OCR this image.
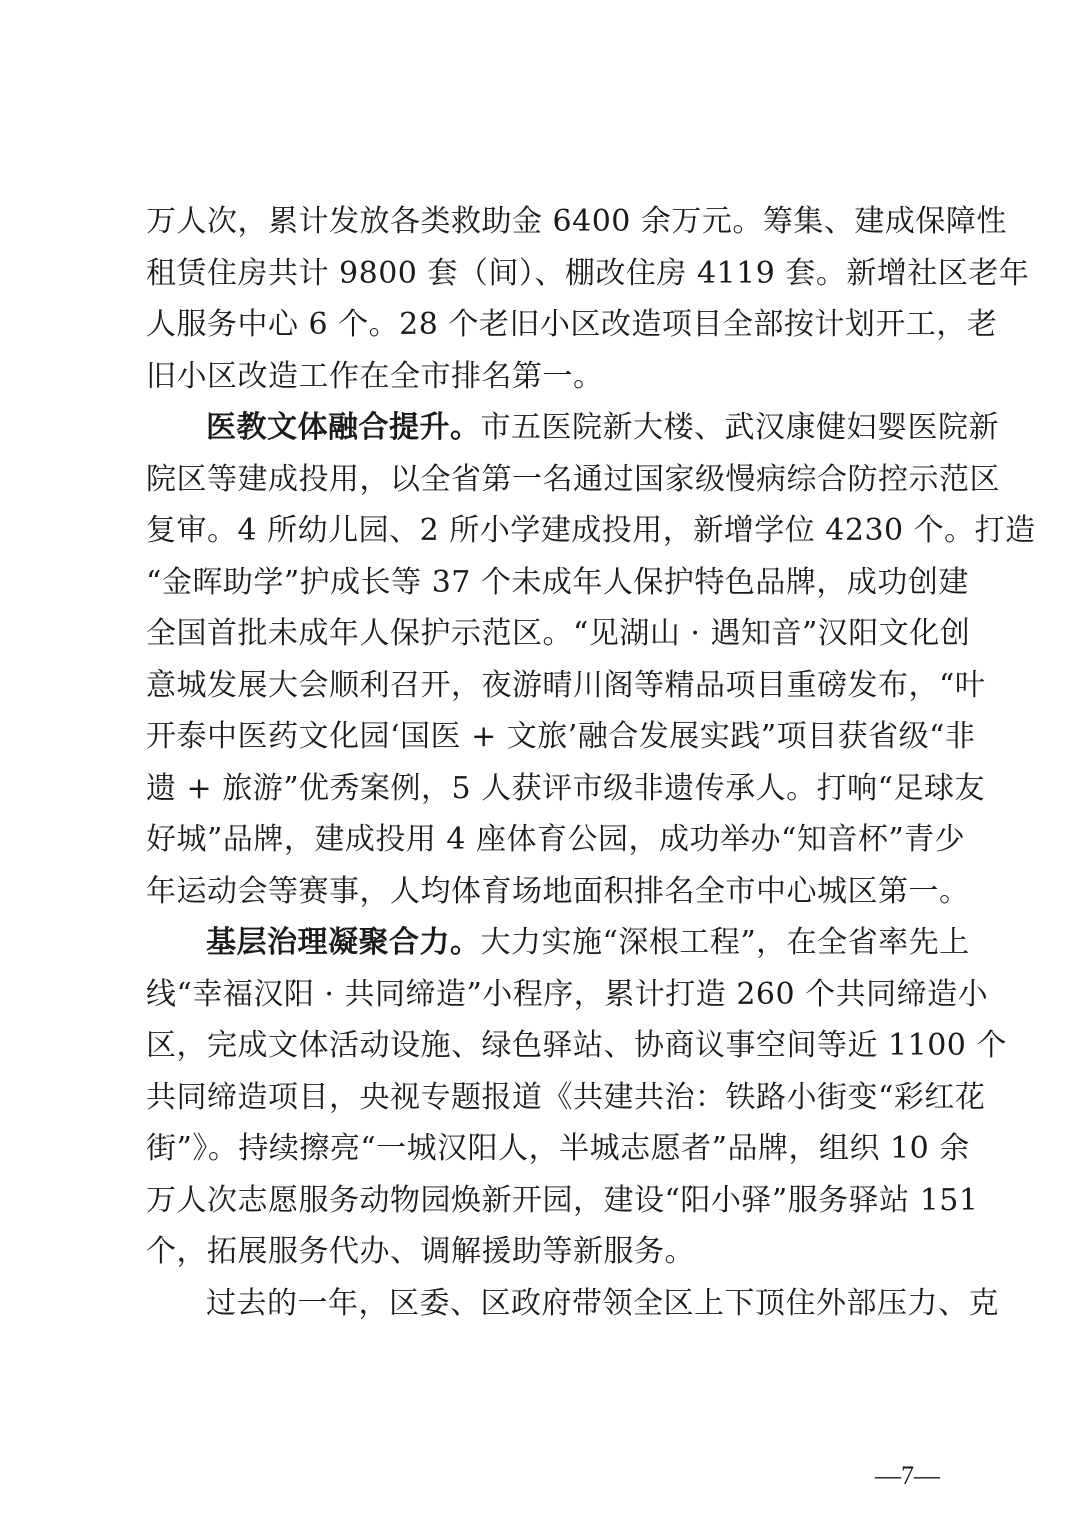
万人次，累计发放各类救助金 6400 余万元。筹集、建成保障性
租赁住房共计 9800 套（间）、棚改住房 4119 套。新增社区老年
人服务中心 6 个。28 个老旧小区改造项目全部按计划开工，老
旧小区改造工作在全市排名第一。
医教文体融合提升。市五医院新大楼、武汉康健妇婴医院新
院区等建成投用，以全省第一名通过国家级慢病综合防控示范区
复审。4 所幼儿园、2 所小学建成投用，新增学位 4230 个。打造
“金晖助学”护成长等 37 个未成年人保护特色品牌，成功创建
全国首批未成年人保护示范区。“见湖山 · 遇知音”汉阳文化创
意城发展大会顺利召开，夜游晴川阁等精品项目重磅发布，“叶
开泰中医药文化园‘国医 + 文旅’融合发展实践”项目获省级“非
遗 + 旅游”优秀案例，5 人获评市级非遗传承人。打响“足球友
好城”品牌，建成投用 4 座体育公园，成功举办“知音杯”青少
年运动会等赛事，人均体育场地面积排名全市中心城区第一。
基层治理凝聚合力。大力实施“深根工程”，在全省率先上
线“幸福汉阳 · 共同缔造”小程序，累计打造 260 个共同缔造小
区，完成文体活动设施、绿色驿站、协商议事空间等近 1100 个
共同缔造项目，央视专题报道《共建共治：铁路小街变“彩红花
街”》。持续擦亮“一城汉阳人，半城志愿者”品牌，组织 10 余
万人次志愿服务动物园焕新开园，建设“阳小驿”服务驿站 151
个，拓展服务代办、调解援助等新服务。
过去的一年，区委、区政府带领全区上下顶住外部压力、克
—7—
